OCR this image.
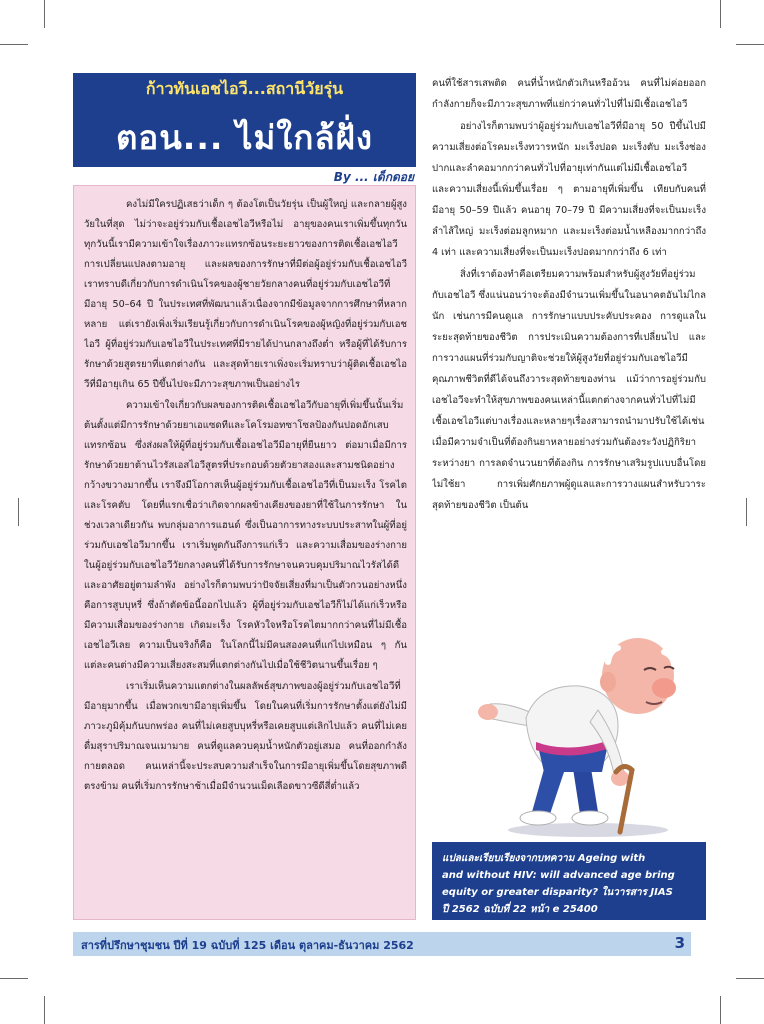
ก้าวทันเอชไอวี...สถานีวัยรุ่น
ตอน... ไม่ใกล้ฝั่ง
By ... เด็กดอย

คงไม่มีใครปฏิเสธว่าเด็ก ๆ ต้องโตเป็นวัยรุ่น เป็นผู้ใหญ่ และกลายผู้สูงวัยในที่สุด ไม่ว่าจะอยู่ร่วมกับเชื้อเอชไอวีหรือไม่ อายุของคนเราเพิ่มขึ้นทุกวัน ทุกวันนี้เรามีความเข้าใจเรื่องภาวะแทรกซ้อนระยะยาวของการติดเชื้อเอชไอวี การเปลี่ยนแปลงตามอายุ และผลของการรักษาที่มีต่อผู้อยู่ร่วมกับเชื้อเอชไอวี เราทราบดีเกี่ยวกับการดำเนินโรคของผู้ชายวัยกลางคนที่อยู่ร่วมกับเอชไอวีที่มีอายุ 50–64 ปี ในประเทศที่พัฒนาแล้วเนื่องจากมีข้อมูลจากการศึกษาที่หลากหลาย แต่เรายังเพิ่งเริ่มเรียนรู้เกี่ยวกับการดำเนินโรคของผู้หญิงที่อยู่ร่วมกับเอชไอวี ผู้ที่อยู่ร่วมกับเอชไอวีในประเทศที่มีรายได้ปานกลางถึงต่ำ หรือผู้ที่ได้รับการรักษาด้วยสูตรยาที่แตกต่างกัน และสุดท้ายเราเพิ่งจะเริ่มทราบว่าผู้ติดเชื้อเอชไอวีที่มีอายุเกิน 65 ปีขึ้นไปจะมีภาวะสุขภาพเป็นอย่างไร

ความเข้าใจเกี่ยวกับผลของการติดเชื้อเอชไอวีกับอายุที่เพิ่มขึ้นนั้นเริ่มต้นตั้งแต่มีการรักษาด้วยยาเอแซดทีและโคโรมอทซาโซลป้องกันปอดอักเสบแทรกซ้อน ซึ่งส่งผลให้ผู้ที่อยู่ร่วมกับเชื้อเอชไอวีมีอายุที่ยืนยาว ต่อมาเมื่อมีการรักษาด้วยยาต้านไวรัสเอสไอวีสูตรที่ประกอบด้วยตัวยาสองและสามชนิดอย่างกว้างขวางมากขึ้น เราจึงมีโอกาสเห็นผู้อยู่ร่วมกับเชื้อเอชไอวีที่เป็นมะเร็ง โรคไตและโรคตับ โดยที่แรกเชื่อว่าเกิดจากผลข้างเคียงของยาที่ใช้ในการรักษา ในช่วงเวลาเดียวกัน พบกลุ่มอาการแฮนด์ ซึ่งเป็นอาการทางระบบประสาทในผู้ที่อยู่ร่วมกับเอชไอวีมากขึ้น เราเริ่มพูดกันถึงการแก่เร็ว และความเสื่อมของร่างกายในผู้อยู่ร่วมกับเอชไอวีวัยกลางคนที่ได้รับการรักษาจนควบคุมปริมาณไวรัสได้ดีและอาศัยอยู่ตามลำพัง อย่างไรก็ตามพบว่าปัจจัยเสี่ยงที่มาเป็นตัวกวนอย่างหนึ่งคือการสูบบุหรี่ ซึ่งถ้าตัดข้อนี้ออกไปแล้ว ผู้ที่อยู่ร่วมกับเอชไอวีก็ไม่ได้แก่เร็วหรือมีความเสื่อมของร่างกาย เกิดมะเร็ง โรคหัวใจหรือโรคไตมากกว่าคนที่ไม่มีเชื้อเอชไอวีเลย ความเป็นจริงก็คือ ในโลกนี้ไม่มีคนสองคนที่แก่ไปเหมือน ๆ กัน แต่ละคนต่างมีความเสี่ยงสะสมที่แตกต่างกันไปเมื่อใช้ชีวิตนานขึ้นเรื่อย ๆ

เราเริ่มเห็นความแตกต่างในผลลัพธ์สุขภาพของผู้อยู่ร่วมกับเอชไอวีที่มีอายุมากขึ้น เมื่อพวกเขามีอายุเพิ่มขึ้น โดยในคนที่เริ่มการรักษาตั้งแต่ยังไม่มีภาวะภูมิคุ้มกันบกพร่อง คนที่ไม่เคยสูบบุหรี่หรือเคยสูบแต่เลิกไปแล้ว คนที่ไม่เคยดื่มสุราปริมาณจนเมามาย คนที่ดูแลควบคุมน้ำหนักตัวอยู่เสมอ คนที่ออกกำลังกายตลอด คนเหล่านี้จะประสบความสำเร็จในการมีอายุเพิ่มขึ้นโดยสุขภาพดี ตรงข้าม คนที่เริ่มการรักษาช้าเมื่อมีจำนวนเม็ดเลือดขาวซีดีสี่ต่ำแล้ว

คนที่ใช้สารเสพติด คนที่น้ำหนักตัวเกินหรืออ้วน คนที่ไม่ค่อยออกกำลังกายก็จะมีภาวะสุขภาพที่แย่กว่าคนทั่วไปที่ไม่มีเชื้อเอชไอวี

อย่างไรก็ตามพบว่าผู้อยู่ร่วมกับเอชไอวีที่มีอายุ 50 ปีขึ้นไปมีความเสี่ยงต่อโรคมะเร็งทวารหนัก มะเร็งปอด มะเร็งตับ มะเร็งช่องปากและลำคอมากกว่าคนทั่วไปที่อายุเท่ากันแต่ไม่มีเชื้อเอชไอวี และความเสี่ยงนี้เพิ่มขึ้นเรื่อย ๆ ตามอายุที่เพิ่มขึ้น เทียบกับคนที่มีอายุ 50–59 ปีแล้ว คนอายุ 70–79 ปี มีความเสี่ยงที่จะเป็นมะเร็งลำไส้ใหญ่ มะเร็งต่อมลูกหมาก และมะเร็งต่อมน้ำเหลืองมากกว่าถึง 4 เท่า และความเสี่ยงที่จะเป็นมะเร็งปอดมากกว่าถึง 6 เท่า

สิ่งที่เราต้องทำคือเตรียมความพร้อมสำหรับผู้สูงวัยที่อยู่ร่วมกับเอชไอวี ซึ่งแน่นอนว่าจะต้องมีจำนวนเพิ่มขึ้นในอนาคตอันไม่ไกลนัก เช่นการมีคนดูแล การรักษาแบบประคับประคอง การดูแลในระยะสุดท้ายของชีวิต การประเมินความต้องการที่เปลี่ยนไป และการวางแผนที่ร่วมกับญาติจะช่วยให้ผู้สูงวัยที่อยู่ร่วมกับเอชไอวีมีคุณภาพชีวิตที่ดีได้จนถึงวาระสุดท้ายของท่าน แม้ว่าการอยู่ร่วมกับเอชไอวีจะทำให้สุขภาพของคนเหล่านี้แตกต่างจากคนทั่วไปที่ไม่มีเชื้อเอชไอวีแต่บางเรื่องและหลายๆเรื่องสามารถนำมาปรับใช้ได้เช่น เมื่อมีความจำเป็นที่ต้องกินยาหลายอย่างร่วมกันต้องระวังปฏิกิริยาระหว่างยา การลดจำนวนยาที่ต้องกิน การรักษาเสริมรูปแบบอื่นโดยไม่ใช้ยา การเพิ่มศักยภาพผู้ดูแลและการวางแผนสำหรับวาระสุดท้ายของชีวิต เป็นต้น

แปลและเรียบเรียงจากบทความ Ageing with
and without HIV: will advanced age bring
equity or greater disparity? ในวารสาร JIAS
ปี 2562 ฉบับที่ 22 หน้า e 25400
สารที่ปรึกษาชุมชน ปีที่ 19 ฉบับที่ 125 เดือน ตุลาคม-ธันวาคม 2562	3
